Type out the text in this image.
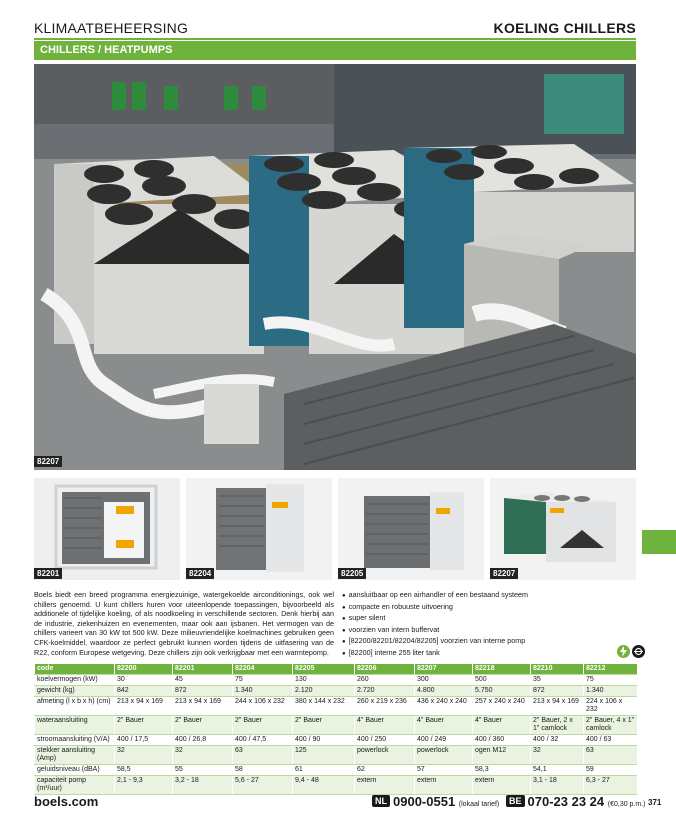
KLIMAATBEHEERSING	KOELING CHILLERS
CHILLERS / HEATPUMPS
82207
82201	82204	82205	82207
Boels biedt een breed programma energiezuinige, watergekoelde airconditionings, ook wel chillers genoemd. U kunt chillers huren voor uiteenlopende toepassingen, bijvoorbeeld als additionele of tijdelijke koeling, of als noodkoeling in verschillende sectoren. Denk hierbij aan de industrie, ziekenhuizen en evenementen, maar ook aan ijsbanen. Het vermogen van de chillers varieert van 30 kW tot 500 kW. Deze milieuvriendelijke koelmachines gebruiken geen CFK-koelmiddel, waardoor ze perfect gebruikt kunnen worden tijdens de uitfasering van de R22, conform Europese wetgeving. Deze chillers zijn ook verkrijgbaar met een warmtepomp.
● aansluitbaar op een airhandler of een bestaand systeem
● compacte en robuuste uitvoering
● super silent
● voorzien van intern buffervat
● [82200/82201/82204/82205] voorzien van interne pomp
● [82200] interne 255 liter tank
code	82200	82201	82204	82205	82206	82207	82218	82210	82212
koelvermogen (kW)	30	45	75	130	260	300	500	35	75
gewicht (kg)	842	872	1.340	2.120	2.720	4.800	5.750	872	1.340
afmeting (l x b x h) (cm)	213 x 94 x 169	213 x 94 x 169	244 x 106 x 232	380 x 144 x 232	260 x 219 x 236	436 x 240 x 240	257 x 240 x 240	213 x 94 x 169	224 x 106 x 232
wateraansluiting	2" Bauer	2" Bauer	2" Bauer	2" Bauer	4" Bauer	4" Bauer	4" Bauer	2" Bauer, 2 x 1" camlock	2" Bauer, 4 x 1" camlock
stroomaansluiting (V/A)	400 / 17,5	400 / 26,8	400 / 47,5	400 / 90	400 / 250	400 / 249	400 / 360	400 / 32	400 / 63
stekker aansluiting (Amp)	32	32	63	125	powerlock	powerlock	ogen M12	32	63
geluidsniveau (dBA)	58,5	55	58	61	62	57	58,3	54,1	59
capaciteit pomp (m³/uur)	2,1 - 9,3	3,2 - 18	5,6 - 27	9,4 - 48	extern	extern	extern	3,1 - 18	6,3 - 27
boels.com	NL 0900-0551 (lokaal tarief)	BE 070-23 23 24 (€0,30 p.m.) 371
